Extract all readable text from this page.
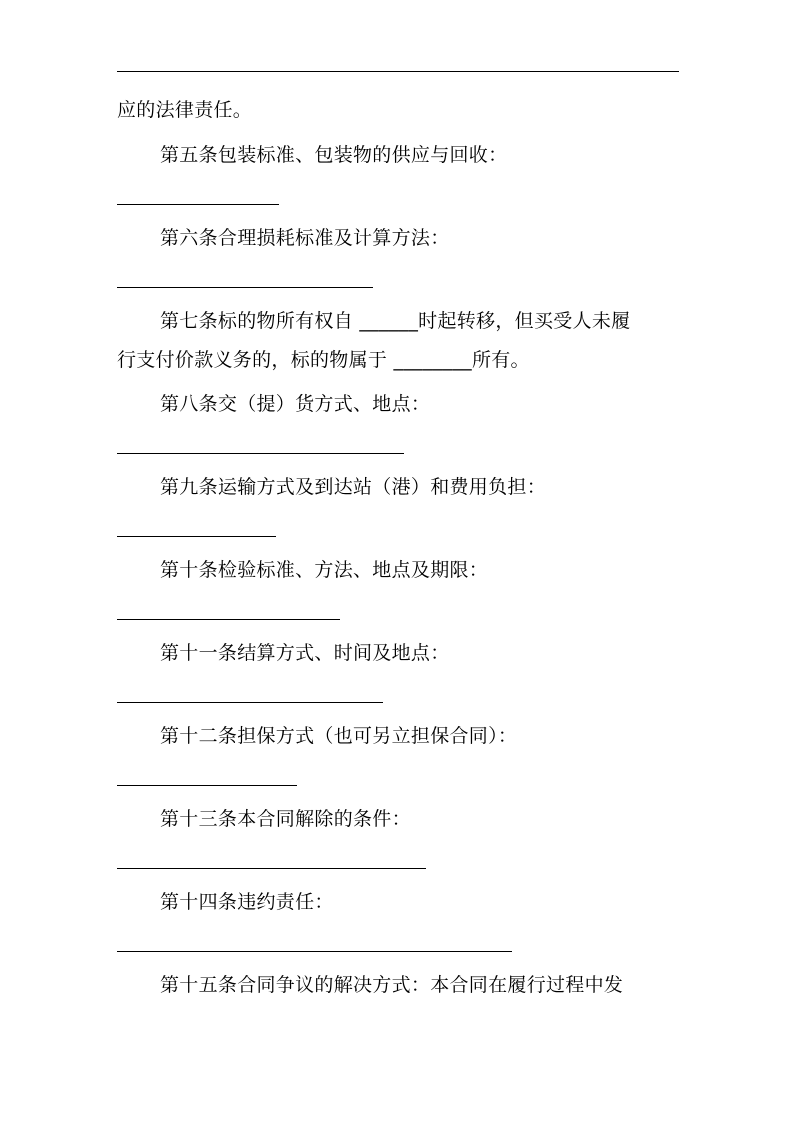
应的法律责任。
第五条包装标准、包装物的供应与回收：
第六条合理损耗标准及计算方法：
第七条标的物所有权自 ______时起转移，但买受人未履
行支付价款义务的，标的物属于 ________所有。
第八条交（提）货方式、地点：
第九条运输方式及到达站（港）和费用负担：
第十条检验标准、方法、地点及期限：
第十一条结算方式、时间及地点：
第十二条担保方式（也可另立担保合同）：
第十三条本合同解除的条件：
第十四条违约责任：
第十五条合同争议的解决方式：本合同在履行过程中发
